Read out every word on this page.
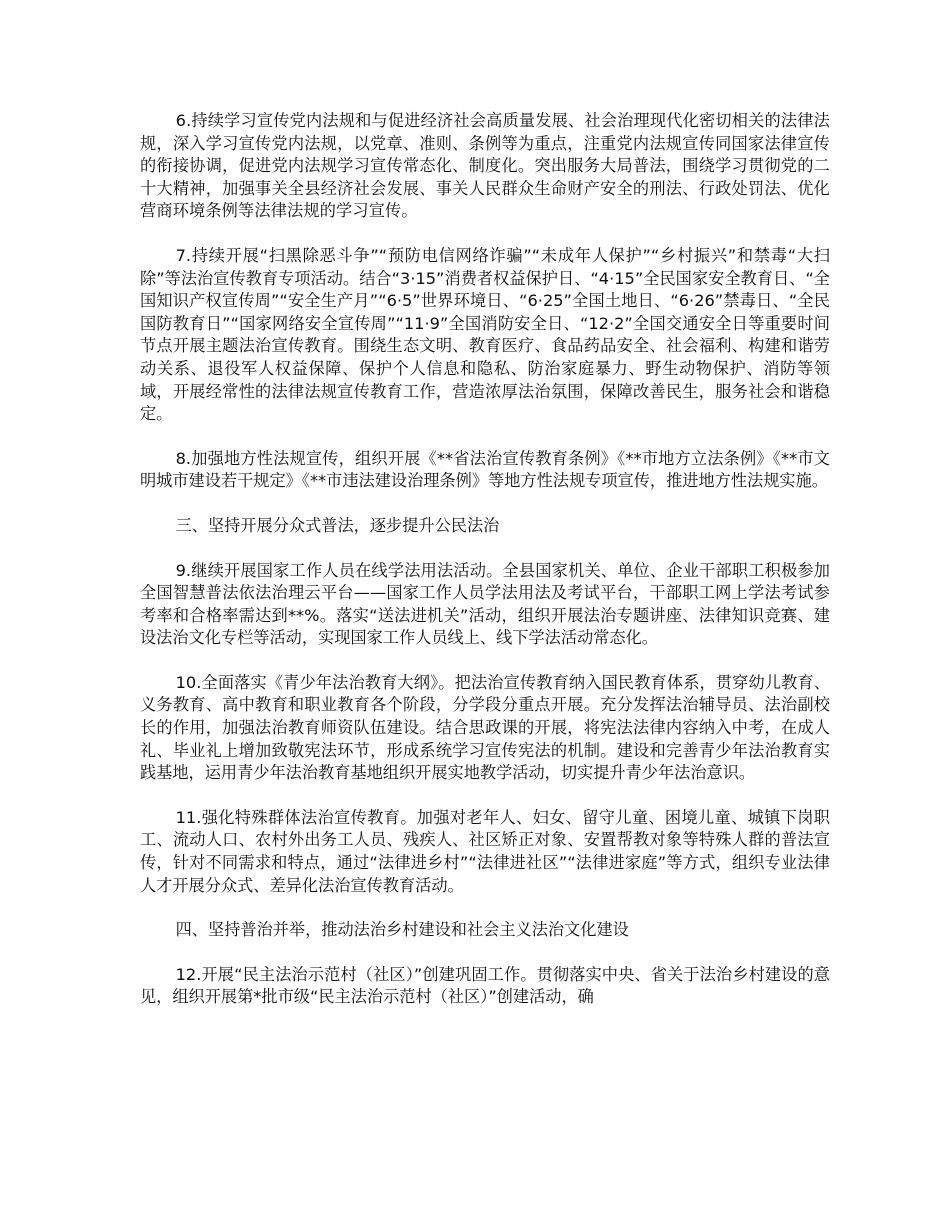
6.持续学习宣传党内法规和与促进经济社会高质量发展、社会治理现代化密切相关的法律法规，深入学习宣传党内法规，以党章、准则、条例等为重点，注重党内法规宣传同国家法律宣传的衔接协调，促进党内法规学习宣传常态化、制度化。突出服务大局普法，围绕学习贯彻党的二十大精神，加强事关全县经济社会发展、事关人民群众生命财产安全的刑法、行政处罚法、优化营商环境条例等法律法规的学习宣传。

7.持续开展“扫黑除恶斗争”“预防电信网络诈骗”“未成年人保护”“乡村振兴”和禁毒“大扫除”等法治宣传教育专项活动。结合“3·15”消费者权益保护日、“4·15”全民国家安全教育日、“全国知识产权宣传周”“安全生产月”“6·5”世界环境日、“6·25”全国土地日、“6·26”禁毒日、“全民国防教育日”“国家网络安全宣传周”“11·9”全国消防安全日、“12·2”全国交通安全日等重要时间节点开展主题法治宣传教育。围绕生态文明、教育医疗、食品药品安全、社会福利、构建和谐劳动关系、退役军人权益保障、保护个人信息和隐私、防治家庭暴力、野生动物保护、消防等领域，开展经常性的法律法规宣传教育工作，营造浓厚法治氛围，保障改善民生，服务社会和谐稳定。

8.加强地方性法规宣传，组织开展《**省法治宣传教育条例》《**市地方立法条例》《**市文明城市建设若干规定》《**市违法建设治理条例》等地方性法规专项宣传，推进地方性法规实施。

三、坚持开展分众式普法，逐步提升公民法治

9.继续开展国家工作人员在线学法用法活动。全县国家机关、单位、企业干部职工积极参加全国智慧普法依法治理云平台——国家工作人员学法用法及考试平台，干部职工网上学法考试参考率和合格率需达到**%。落实“送法进机关”活动，组织开展法治专题讲座、法律知识竞赛、建设法治文化专栏等活动，实现国家工作人员线上、线下学法活动常态化。

10.全面落实《青少年法治教育大纲》。把法治宣传教育纳入国民教育体系，贯穿幼儿教育、义务教育、高中教育和职业教育各个阶段，分学段分重点开展。充分发挥法治辅导员、法治副校长的作用，加强法治教育师资队伍建设。结合思政课的开展，将宪法法律内容纳入中考，在成人礼、毕业礼上增加致敬宪法环节，形成系统学习宣传宪法的机制。建设和完善青少年法治教育实践基地，运用青少年法治教育基地组织开展实地教学活动，切实提升青少年法治意识。

11.强化特殊群体法治宣传教育。加强对老年人、妇女、留守儿童、困境儿童、城镇下岗职工、流动人口、农村外出务工人员、残疾人、社区矫正对象、安置帮教对象等特殊人群的普法宣传，针对不同需求和特点，通过“法律进乡村”“法律进社区”“法律进家庭”等方式，组织专业法律人才开展分众式、差异化法治宣传教育活动。

四、坚持普治并举，推动法治乡村建设和社会主义法治文化建设

12.开展“民主法治示范村（社区）”创建巩固工作。贯彻落实中央、省关于法治乡村建设的意见，组织开展第*批市级“民主法治示范村（社区）”创建活动，确
